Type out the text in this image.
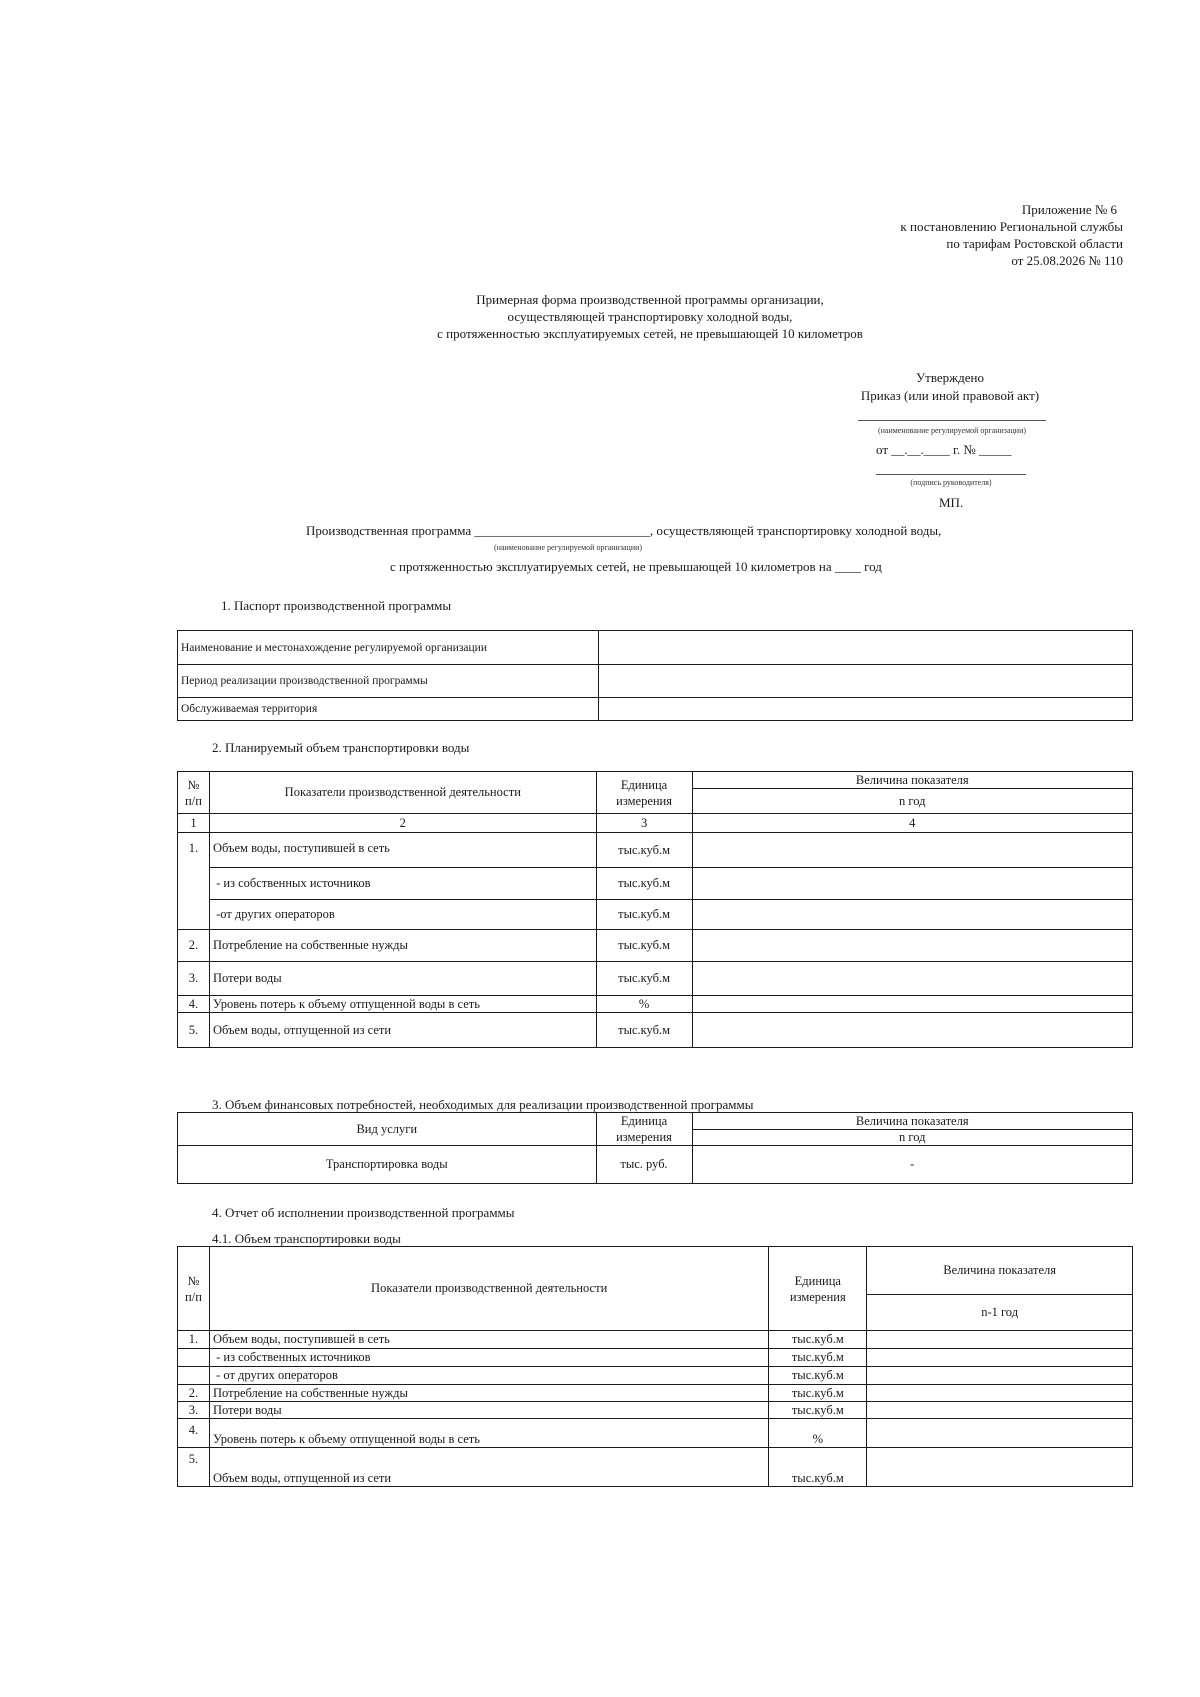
Приложение № 6
к постановлению Региональной службы
по тарифам Ростовской области
от 25.08.2026 № 110
Примерная форма производственной программы организации,
осуществляющей транспортировку холодной воды,
с протяженностью эксплуатируемых сетей, не превышающей 10 километров
Утверждено
Приказ (или иной правовой акт)
(наименование регулируемой организации)
от __.__.____ г. № _____
(подпись руководителя)
МП.
Производственная программа ___________________________, осуществляющей транспортировку холодной воды,
(наименование регулируемой организации)
с протяженностью эксплуатируемых сетей, не превышающей 10 километров на ____ год
1. Паспорт производственной программы
Наименование и местонахождение регулируемой организации	
Период реализации производственной программы	
Обслуживаемая территория	
2. Планируемый объем транспортировки воды
№ п/п	Показатели производственной деятельности	Единица измерения	Величина показателя
			n год
1	2	3	4
1.	Объем воды, поступившей в сеть	тыс.куб.м	
	- из собственных источников	тыс.куб.м	
	-от других операторов	тыс.куб.м	
2.	Потребление на собственные нужды	тыс.куб.м	
3.	Потери воды	тыс.куб.м	
4.	Уровень потерь к объему отпущенной воды в сеть	%	
5.	Объем воды, отпущенной из сети	тыс.куб.м	
3. Объем финансовых потребностей, необходимых для реализации производственной программы
Вид услуги	Единица измерения	Величина показателя
		n год
Транспортировка воды	тыс. руб.	-
4. Отчет об исполнении производственной программы
4.1. Объем транспортировки воды
№ п/п	Показатели производственной деятельности	Единица измерения	Величина показателя
			n-1 год
1.	Объем воды, поступившей в сеть	тыс.куб.м	
	- из собственных источников	тыс.куб.м	
	- от других операторов	тыс.куб.м	
2.	Потребление на собственные нужды	тыс.куб.м	
3.	Потери воды	тыс.куб.м	
4.	Уровень потерь к объему отпущенной воды в сеть	%	
5.	Объем воды, отпущенной из сети	тыс.куб.м	
